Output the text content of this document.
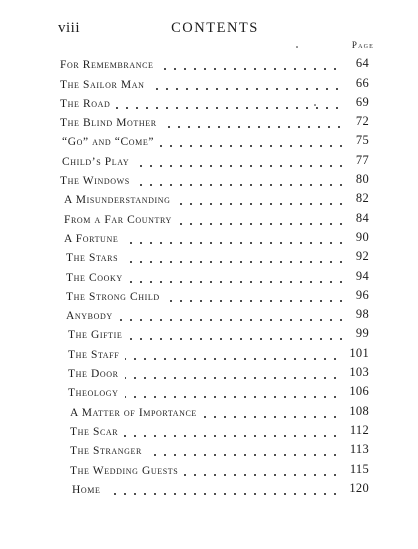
viii	CONTENTS
Page
For Remembrance	64
The Sailor Man	66
The Road	69
The Blind Mother	72
“Go” and “Come”	75
Child’s Play	77
The Windows	80
A Misunderstanding	82
From a Far Country	84
A Fortune	90
The Stars	92
The Cooky	94
The Strong Child	96
Anybody	98
The Giftie	99
The Staff	101
The Door	103
Theology	106
A Matter of Importance	108
The Scar	112
The Stranger	113
The Wedding Guests	115
Home	120
